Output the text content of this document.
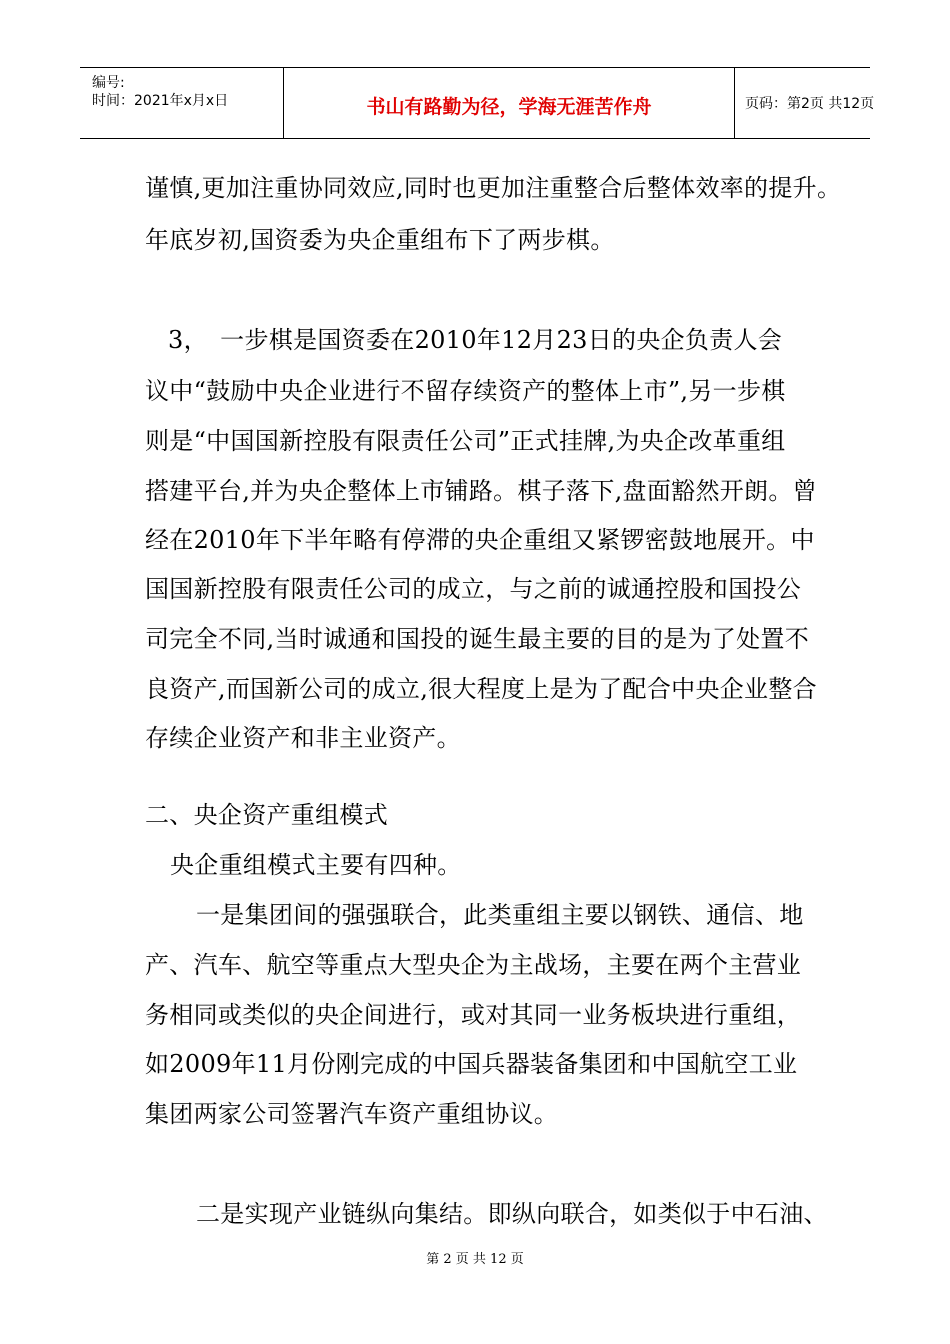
编号:
时间：2021年x月x日	书山有路勤为径，学海无涯苦作舟	页码：第2页 共12页
谨慎,更加注重协同效应,同时也更加注重整合后整体效率的提升。
年底岁初,国资委为央企重组布下了两步棋。
3，　一步棋是国资委在2010年12月23日的央企负责人会
议中“鼓励中央企业进行不留存续资产的整体上市”,另一步棋
则是“中国国新控股有限责任公司”正式挂牌,为央企改革重组
搭建平台,并为央企整体上市铺路。棋子落下,盘面豁然开朗。曾
经在2010年下半年略有停滞的央企重组又紧锣密鼓地展开。中
国国新控股有限责任公司的成立，与之前的诚通控股和国投公
司完全不同,当时诚通和国投的诞生最主要的目的是为了处置不
良资产,而国新公司的成立,很大程度上是为了配合中央企业整合
存续企业资产和非主业资产。
二、央企资产重组模式
央企重组模式主要有四种。
一是集团间的强强联合，此类重组主要以钢铁、通信、地
产、汽车、航空等重点大型央企为主战场，主要在两个主营业
务相同或类似的央企间进行，或对其同一业务板块进行重组，
如2009年11月份刚完成的中国兵器装备集团和中国航空工业
集团两家公司签署汽车资产重组协议。
二是实现产业链纵向集结。即纵向联合，如类似于中石油、
第 2 页 共 12 页
